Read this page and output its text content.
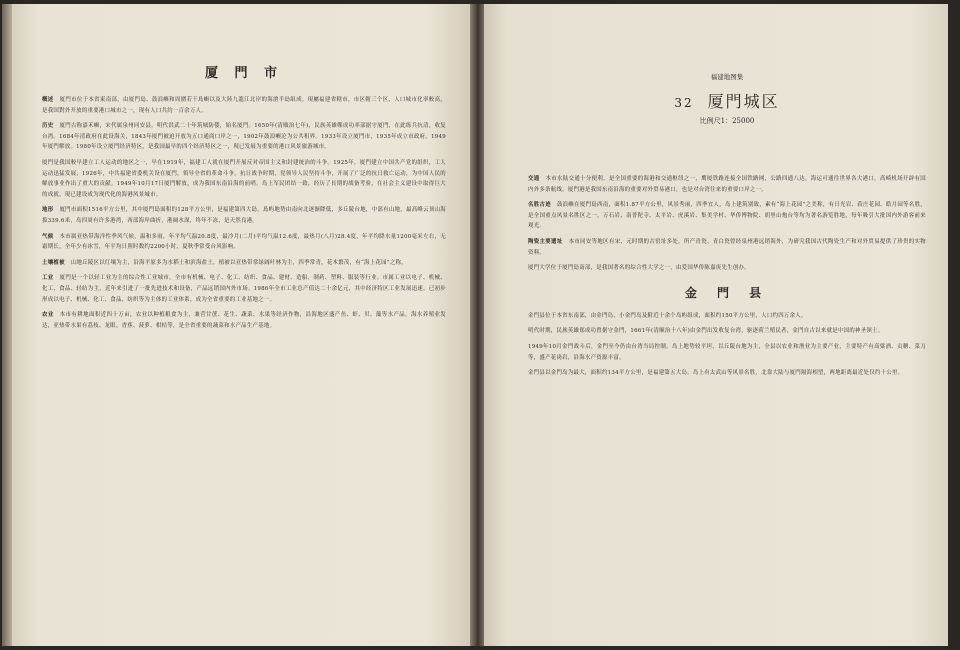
厦 門 市

概述 厦門市位于本省東南部，由厦門島、鼓浪嶼和周圍若干島嶼以及大陸九龍江北岸的海滄半島組成。現屬福建省轄市，市区轄三个区，人口城市化率較高，是我国對外开放的重要港口城市之一，现有人口共約一百余万人。

历史 厦門古称嘉禾嶼，宋代属泉州同安县。明代洪武二十年筑城防倭，始名厦門。1650年(清順治七年)，民族英雄鄭成功率部据守厦門，在此练兵抗清，收复台湾。1684年清政府在此设海关，1843年厦門被迫开放为五口通商口岸之一，1902年鼓浪嶼沦为公共租界。1933年设立厦門市，1935年成立市政府。1949年厦門解放。1980年设立厦門经济特区，是我国最早的四个经济特区之一，現已发展为重要的港口风景旅游城市。

厦門是我国較早建立工人运动的地区之一，早在1919年，福建工人就在厦門开展反对帝国主义和封建统治的斗争。1925年，厦門建立中国共产党的组织，工人运动迅猛发展，1926年，中共福建省委机关设在厦門，領导全省的革命斗争。抗日战争时期，党领导人民坚持斗争，开展了广泛的抗日救亡运动，为中国人民的解放事业作出了重大的贡献。1949年10月17日厦門解放，成为我国东南沿海的前哨。岛上军民团结一致，经历了長期的战备考验，在社会主义建设中取得巨大的成就，現已建设成为现代化的海港风景城市。

地形 厦門市面积1516平方公里，其中厦門島面积約128平方公里，是福建第四大島。島屿地势由南向北逐渐降低，多丘陵台地，中部有山地，最高峰云顶山海拔339.6米，岛四周有许多港湾，西部海岸曲折，港阔水深，终年不冻，是天然良港。

气候 本市属亚热带海洋性季风气候，温和多雨，年平均气温20.8度，最冷月(二月)平均气温12.6度，最热月(八月)28.4度，年平均降水量1200毫米左右，无霜期长，全年少有冰雪，年平均日照时数约2200小时，夏秋季常受台风影响。

土壤植被 山地丘陵区以红壤为主，沿海平原多为水稻土和滨海盐土，植被以亚热带常绿阔叶林为主，四季常青，花木繁茂，有“海上花园”之称。

工业 厦門是一个以轻工业为主的综合性工业城市，全市有机械、电子、化工、纺织、食品、建材、造船、制药、塑料、服装等行业。市属工业以电子、机械、化工、食品、轻纺为主，近年来引进了一批先进技术和设备，产品远销国内外市场。1986年全市工业总产值达二十余亿元，其中经济特区工业发展迅速，已初步形成以电子、机械、化工、食品、纺织等为主体的工业体系，成为全省重要的工业基地之一。

农业 本市有耕地面积近四十万亩，农业以种植粮食为主，兼营甘蔗、花生、蔬菜、水果等经济作物，沿海地区盛产鱼、虾、贝、藻等水产品，海水养殖业发达，亚热带水果有荔枝、龙眼、香蕉、菠萝、柑桔等，是全省重要的蔬菜和水产品生产基地。

福建地图集
32 厦門城区
比例尺1：25000

交通 本市水陆交通十分便利，是全国重要的海港和交通枢纽之一，鹰厦铁路连接全国铁路网，公路四通八达，海运可通往世界各大港口，高崎机场开辟有国内外多条航线，厦門港是我国东南沿海的重要对外贸易港口，也是对台湾往来的重要口岸之一。

名胜古迹 鼓浪嶼在厦門島西南，面积1.87平方公里，风景秀丽，四季宜人，岛上建筑别致，素有“海上花园”之美称，有日光岩、菽庄花园、皓月园等名胜，是全国重点风景名胜区之一。万石岩、南普陀寺、太平岩、虎溪岩、集美学村、华侨博物院、胡里山炮台等均为著名游览胜地，每年吸引大批国内外游客前来观光。

陶瓷主要遗址 本市同安等地区有宋、元时期的古窑址多处，所产青瓷、青白瓷曾经泉州港远销海外，为研究我国古代陶瓷生产和对外贸易提供了珍贵的实物资料。

厦門大学位于厦門島南部，是我国著名的综合性大学之一，由爱国华侨陈嘉庚先生创办。

金 門 县

金門县位于本省东南部，由金門岛、小金門岛及附近十余个岛屿组成，面积约150平方公里，人口约四万余人。

明代时期，民族英雄郑成功曾据守金門，1661年(清顺治十八年)由金門出发收复台湾，驱逐荷兰殖民者，金門自古以来就是中国的神圣领土。

1949年10月金門战斗后，金門至今仍由台湾当局控制。岛上地势较平坦，以丘陵台地为主，全县以农业和渔业为主要产业，主要特产有高粱酒、贡糖、菜刀等，盛产花岗岩，沿海水产资源丰富。

金門县以金門岛为最大，面积约134平方公里，是福建第五大岛。岛上有太武山等风景名胜，北靠大陆与厦門隔海相望，两地距离最近处仅约十公里。
